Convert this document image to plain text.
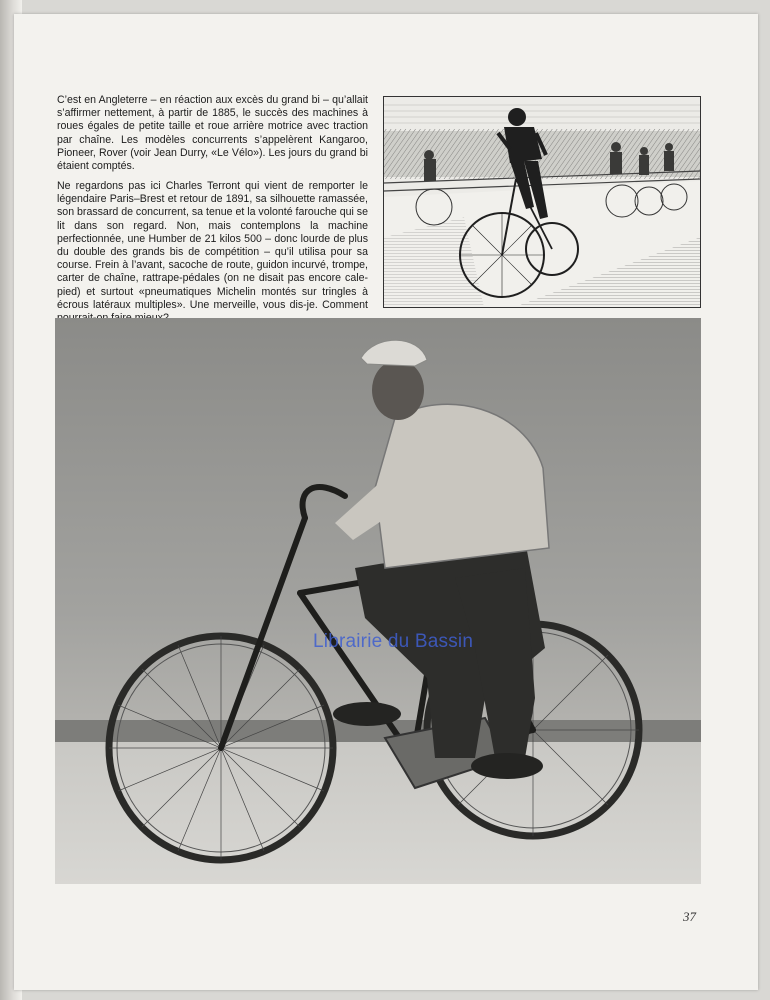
C’est en Angleterre – en réaction aux excès du grand bi – qu’allait s’affirmer nettement, à partir de 1885, le succès des machines à roues égales de petite taille et roue arrière motrice avec traction par chaîne. Les modèles concurrents s’appelèrent Kangaroo, Pioneer, Rover (voir Jean Durry, «Le Vélo»). Les jours du grand bi étaient comptés.

Ne regardons pas ici Charles Terront qui vient de remporter le légendaire Paris–Brest et retour de 1891, sa silhouette ramassée, son brassard de concurrent, sa tenue et la volonté farouche qui se lit dans son regard. Non, mais contemplons la machine perfectionnée, une Humber de 21 kilos 500 – donc lourde de plus du double des grands bis de compétition – qu’il utilisa pour sa course. Frein à l’avant, sacoche de route, guidon incurvé, trompe, carter de chaîne, rattrape-pédales (on ne disait pas encore cale-pied) et surtout «pneumatiques Michelin montés sur tringles à écrous latéraux multiples». Une merveille, vous dis-je. Comment

Librairie du Bassin
37
